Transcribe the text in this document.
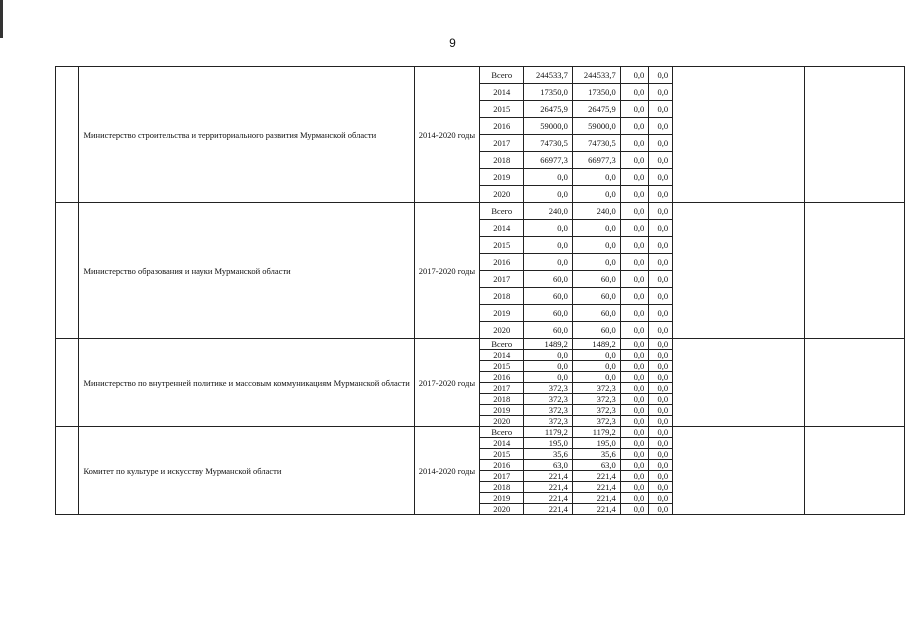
9
	Министерство строительства и территориального развития Мурманской области	2014-2020 годы	Всего	244533,7	244533,7	0,0	0,0		
			2014	17350,0	17350,0	0,0	0,0		
			2015	26475,9	26475,9	0,0	0,0		
			2016	59000,0	59000,0	0,0	0,0		
			2017	74730,5	74730,5	0,0	0,0		
			2018	66977,3	66977,3	0,0	0,0		
			2019	0,0	0,0	0,0	0,0		
			2020	0,0	0,0	0,0	0,0		
	Министерство образования и науки Мурманской области	2017-2020 годы	Всего	240,0	240,0	0,0	0,0		
			2014	0,0	0,0	0,0	0,0		
			2015	0,0	0,0	0,0	0,0		
			2016	0,0	0,0	0,0	0,0		
			2017	60,0	60,0	0,0	0,0		
			2018	60,0	60,0	0,0	0,0		
			2019	60,0	60,0	0,0	0,0		
			2020	60,0	60,0	0,0	0,0		
	Министерство по внутренней политике и массовым коммуникациям Мурманской области	2017-2020 годы	Всего	1489,2	1489,2	0,0	0,0		
			2014	0,0	0,0	0,0	0,0		
			2015	0,0	0,0	0,0	0,0		
			2016	0,0	0,0	0,0	0,0		
			2017	372,3	372,3	0,0	0,0		
			2018	372,3	372,3	0,0	0,0		
			2019	372,3	372,3	0,0	0,0		
			2020	372,3	372,3	0,0	0,0		
	Комитет по культуре и искусству Мурманской области	2014-2020 годы	Всего	1179,2	1179,2	0,0	0,0		
			2014	195,0	195,0	0,0	0,0		
			2015	35,6	35,6	0,0	0,0		
			2016	63,0	63,0	0,0	0,0		
			2017	221,4	221,4	0,0	0,0		
			2018	221,4	221,4	0,0	0,0		
			2019	221,4	221,4	0,0	0,0		
			2020	221,4	221,4	0,0	0,0		
